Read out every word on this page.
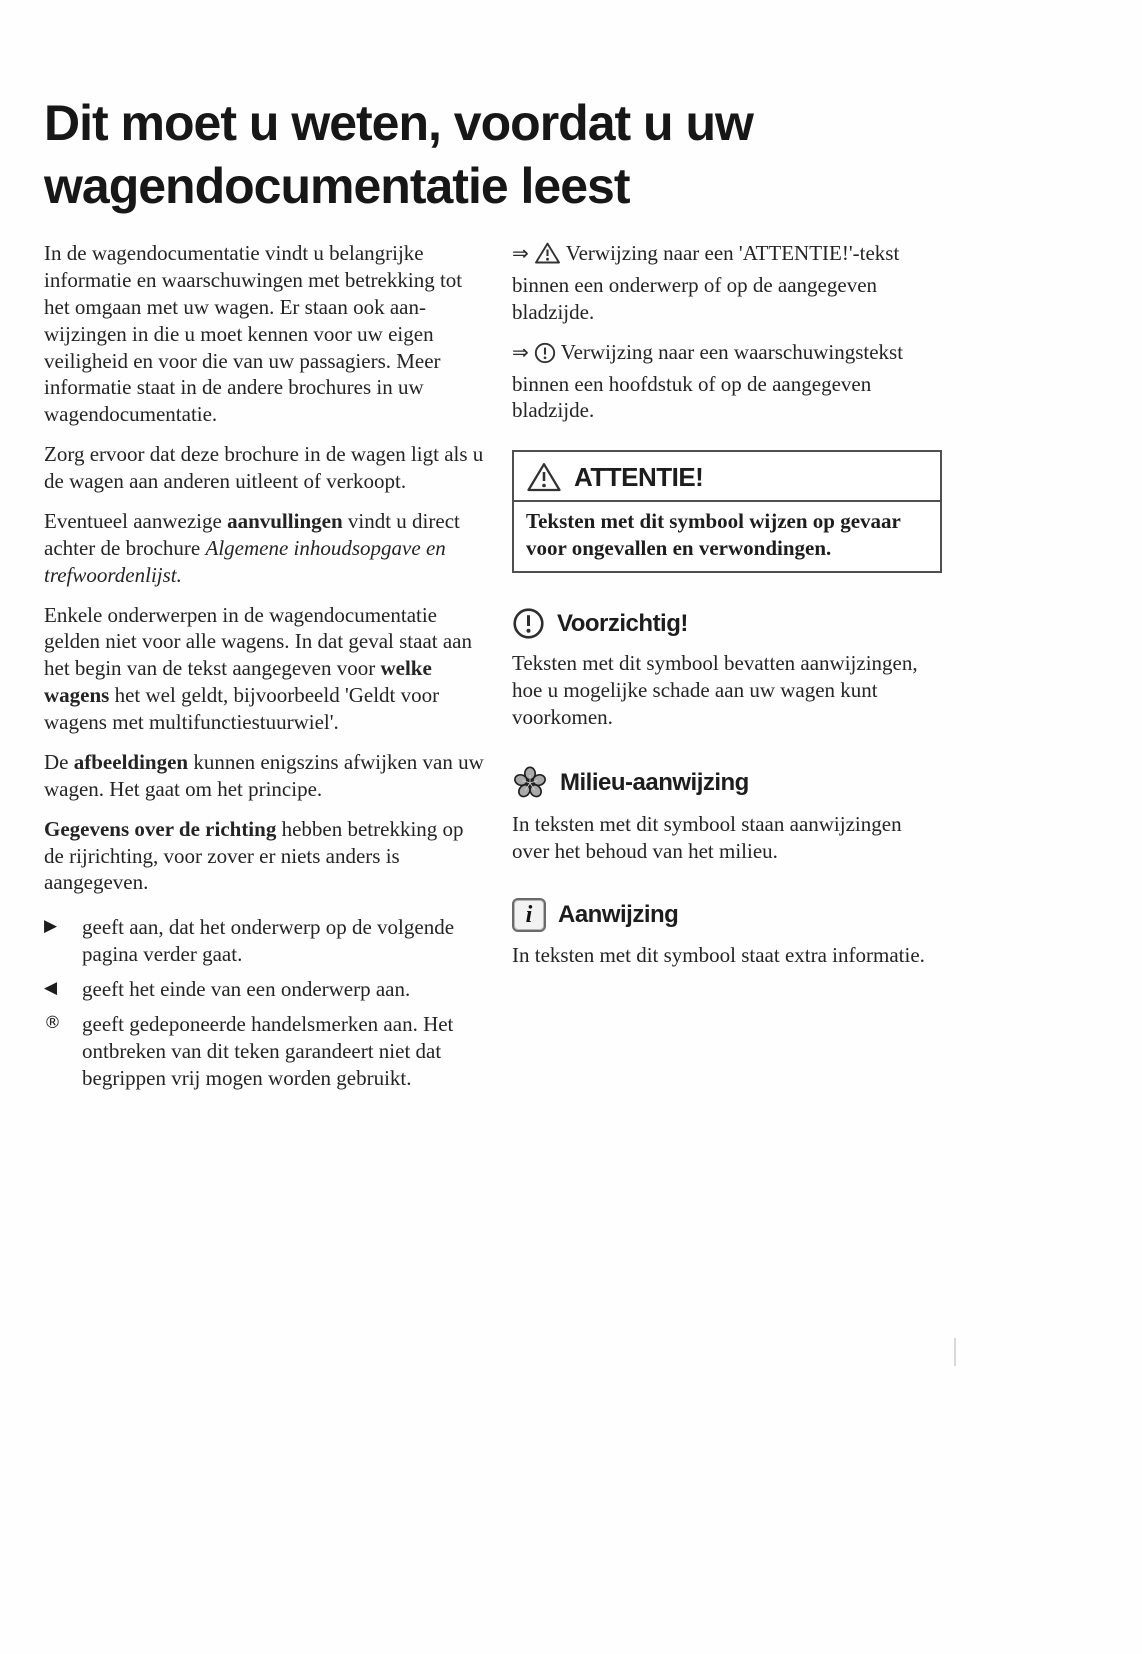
Dit moet u weten, voordat u uw
wagendocumentatie leest

In de wagendocumentatie vindt u belangrijke informatie en waarschuwingen met betrekking tot het omgaan met uw wagen. Er staan ook aanwijzingen in die u moet kennen voor uw eigen veiligheid en voor die van uw passagiers. Meer informatie staat in de andere brochures in uw wagendocumentatie.

Zorg ervoor dat deze brochure in de wagen ligt als u de wagen aan anderen uitleent of verkoopt.

Eventueel aanwezige aanvullingen vindt u direct achter de brochure Algemene inhoudsopgave en trefwoordenlijst.

Enkele onderwerpen in de wagendocumentatie gelden niet voor alle wagens. In dat geval staat aan het begin van de tekst aangegeven voor welke wagens het wel geldt, bijvoorbeeld 'Geldt voor wagens met multifunctiestuurwiel'.

De afbeeldingen kunnen enigszins afwijken van uw wagen. Het gaat om het principe.

Gegevens over de richting hebben betrekking op de rijrichting, voor zover er niets anders is aangegeven.

▶	geeft aan, dat het onderwerp op de volgende pagina verder gaat.
◀	geeft het einde van een onderwerp aan.
®	geeft gedeponeerde handelsmerken aan. Het ontbreken van dit teken garandeert niet dat begrippen vrij mogen worden gebruikt.

⇒ Verwijzing naar een 'ATTENTIE!'-tekst binnen een onderwerp of op de aangegeven bladzijde.

⇒ Verwijzing naar een waarschuwingstekst binnen een hoofdstuk of op de aangegeven bladzijde.

ATTENTIE!
Teksten met dit symbool wijzen op gevaar voor ongevallen en verwondingen.
Voorzichtig!
Teksten met dit symbool bevatten aanwijzingen, hoe u mogelijke schade aan uw wagen kunt voorkomen.
Milieu-aanwijzing
In teksten met dit symbool staan aanwijzingen over het behoud van het milieu.
i	Aanwijzing
In teksten met dit symbool staat extra informatie.
